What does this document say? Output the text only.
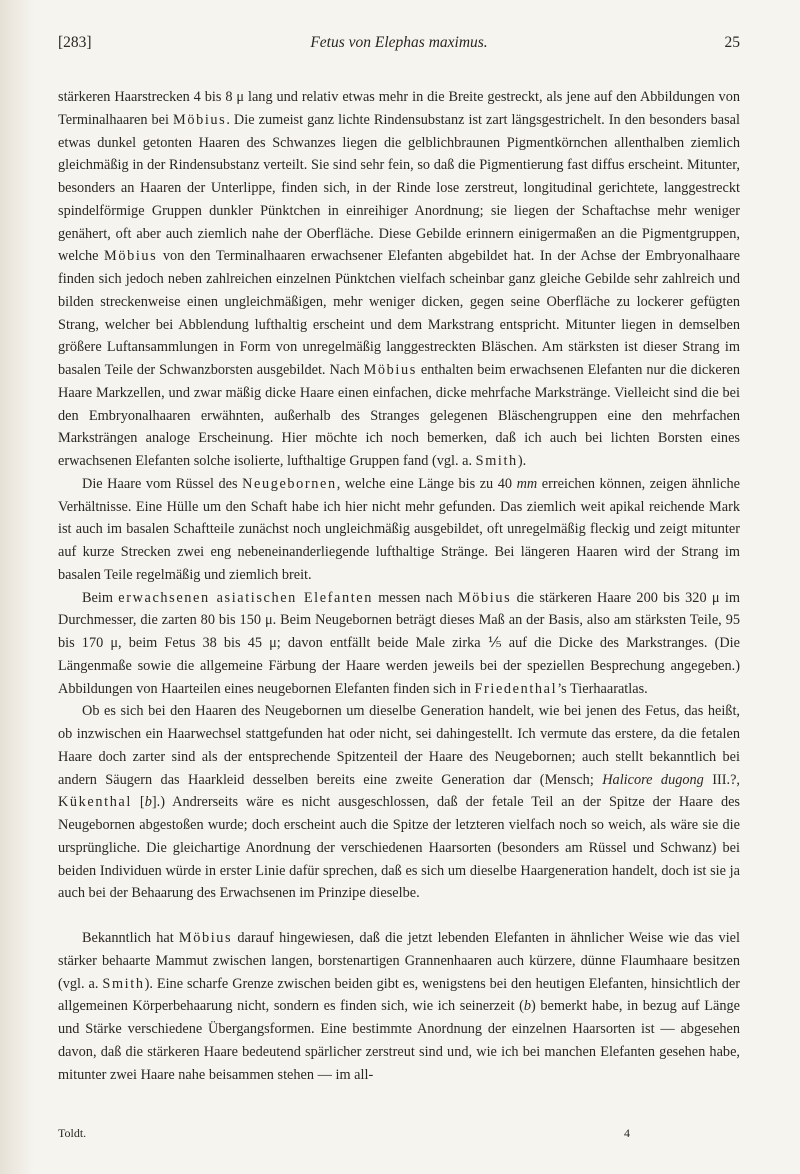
[283]	Fetus von Elephas maximus.	25

stärkeren Haarstrecken 4 bis 8 μ lang und relativ etwas mehr in die Breite gestreckt, als jene auf den Abbildungen von Terminalhaaren bei Möbius. Die zumeist ganz lichte Rindensubstanz ist zart längsgestrichelt. In den besonders basal etwas dunkel getonten Haaren des Schwanzes liegen die gelblichbraunen Pigmentkörnchen allenthalben ziemlich gleichmäßig in der Rindensubstanz verteilt. Sie sind sehr fein, so daß die Pigmentierung fast diffus erscheint. Mitunter, besonders an Haaren der Unterlippe, finden sich, in der Rinde lose zerstreut, longitudinal gerichtete, langgestreckt spindelförmige Gruppen dunkler Pünktchen in einreihiger Anordnung; sie liegen der Schaftachse mehr weniger genähert, oft aber auch ziemlich nahe der Oberfläche. Diese Gebilde erinnern einigermaßen an die Pigmentgruppen, welche Möbius von den Terminalhaaren erwachsener Elefanten abgebildet hat. In der Achse der Embryonalhaare finden sich jedoch neben zahlreichen einzelnen Pünktchen vielfach scheinbar ganz gleiche Gebilde sehr zahlreich und bilden streckenweise einen ungleichmäßigen, mehr weniger dicken, gegen seine Oberfläche zu lockerer gefügten Strang, welcher bei Abblendung lufthaltig erscheint und dem Markstrang entspricht. Mitunter liegen in demselben größere Luftansammlungen in Form von unregelmäßig langgestreckten Bläschen. Am stärksten ist dieser Strang im basalen Teile der Schwanzborsten ausgebildet. Nach Möbius enthalten beim erwachsenen Elefanten nur die dickeren Haare Markzellen, und zwar mäßig dicke Haare einen einfachen, dicke mehrfache Markstränge. Vielleicht sind die bei den Embryonalhaaren erwähnten, außerhalb des Stranges gelegenen Bläschengruppen eine den mehrfachen Marksträngen analoge Erscheinung. Hier möchte ich noch bemerken, daß ich auch bei lichten Borsten eines erwachsenen Elefanten solche isolierte, lufthaltige Gruppen fand (vgl. a. Smith).

Die Haare vom Rüssel des Neugebornen, welche eine Länge bis zu 40 mm erreichen können, zeigen ähnliche Verhältnisse. Eine Hülle um den Schaft habe ich hier nicht mehr gefunden. Das ziemlich weit apikal reichende Mark ist auch im basalen Schaftteile zunächst noch ungleichmäßig ausgebildet, oft unregelmäßig fleckig und zeigt mitunter auf kurze Strecken zwei eng nebeneinanderliegende lufthaltige Stränge. Bei längeren Haaren wird der Strang im basalen Teile regelmäßig und ziemlich breit.

Beim erwachsenen asiatischen Elefanten messen nach Möbius die stärkeren Haare 200 bis 320 μ im Durchmesser, die zarten 80 bis 150 μ. Beim Neugebornen beträgt dieses Maß an der Basis, also am stärksten Teile, 95 bis 170 μ, beim Fetus 38 bis 45 μ; davon entfällt beide Male zirka ⅕ auf die Dicke des Markstranges. (Die Längenmaße sowie die allgemeine Färbung der Haare werden jeweils bei der speziellen Besprechung angegeben.) Abbildungen von Haarteilen eines neugebornen Elefanten finden sich in Friedenthal’s Tierhaaratlas.

Ob es sich bei den Haaren des Neugebornen um dieselbe Generation handelt, wie bei jenen des Fetus, das heißt, ob inzwischen ein Haarwechsel stattgefunden hat oder nicht, sei dahingestellt. Ich vermute das erstere, da die fetalen Haare doch zarter sind als der entsprechende Spitzenteil der Haare des Neugebornen; auch stellt bekanntlich bei andern Säugern das Haarkleid desselben bereits eine zweite Generation dar (Mensch; Halicore dugong III.?, Kükenthal [b].) Andrerseits wäre es nicht ausgeschlossen, daß der fetale Teil an der Spitze der Haare des Neugebornen abgestoßen wurde; doch erscheint auch die Spitze der letzteren vielfach noch so weich, als wäre sie die ursprüngliche. Die gleichartige Anordnung der verschiedenen Haarsorten (besonders am Rüssel und Schwanz) bei beiden Individuen würde in erster Linie dafür sprechen, daß es sich um dieselbe Haargeneration handelt, doch ist sie ja auch bei der Behaarung des Erwachsenen im Prinzipe dieselbe.

Bekanntlich hat Möbius darauf hingewiesen, daß die jetzt lebenden Elefanten in ähnlicher Weise wie das viel stärker behaarte Mammut zwischen langen, borstenartigen Grannenhaaren auch kürzere, dünne Flaumhaare besitzen (vgl. a. Smith). Eine scharfe Grenze zwischen beiden gibt es, wenigstens bei den heutigen Elefanten, hinsichtlich der allgemeinen Körperbehaarung nicht, sondern es finden sich, wie ich seinerzeit (b) bemerkt habe, in bezug auf Länge und Stärke verschiedene Übergangsformen. Eine bestimmte Anordnung der einzelnen Haarsorten ist — abgesehen davon, daß die stärkeren Haare bedeutend spärlicher zerstreut sind und, wie ich bei manchen Elefanten gesehen habe, mitunter zwei Haare nahe beisammen stehen — im all-

Toldt.	4
